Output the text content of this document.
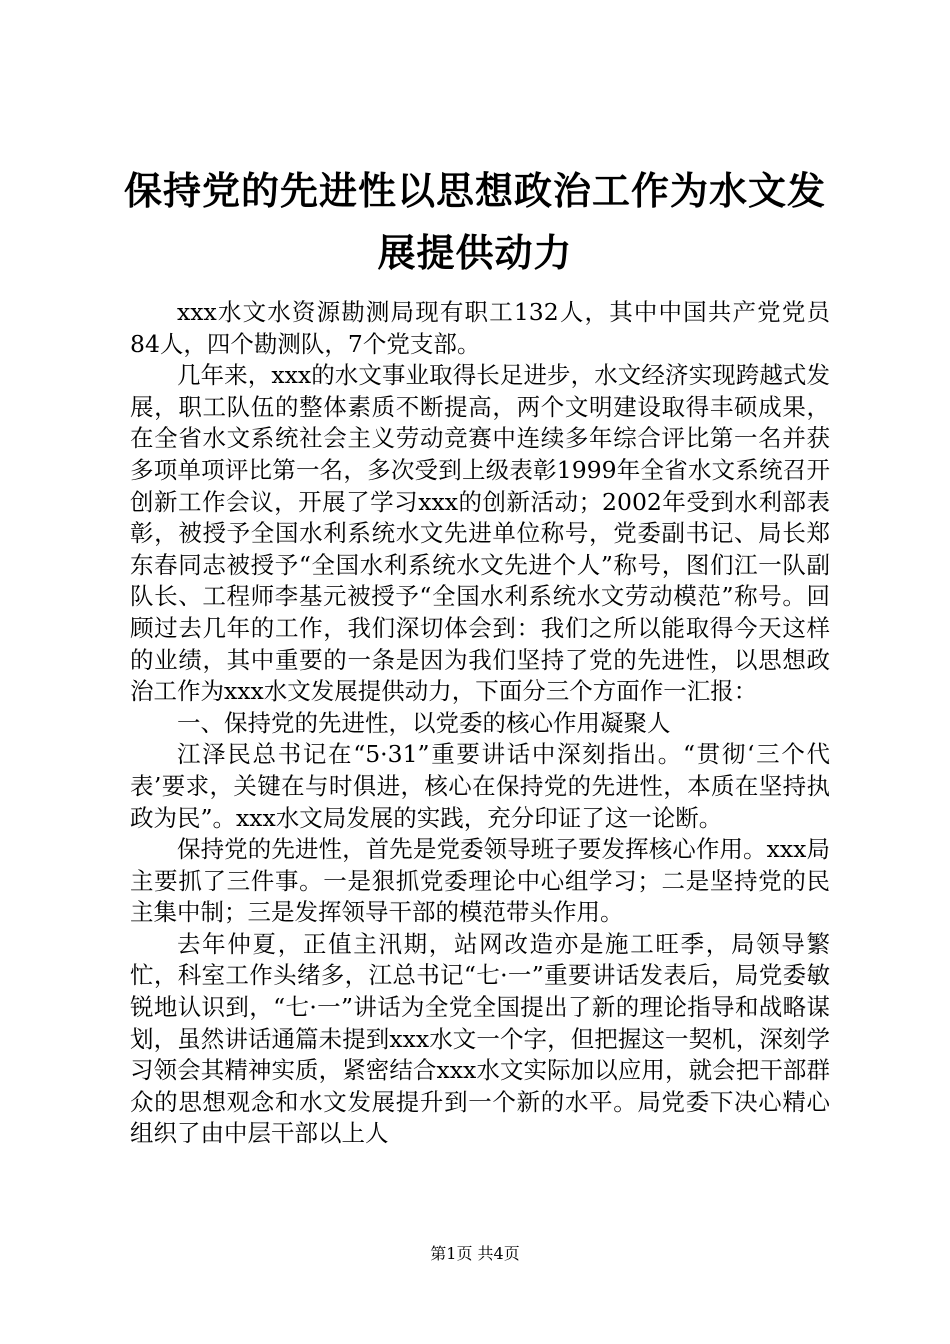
保持党的先进性以思想政治工作为水文发展提供动力

xxx水文水资源勘测局现有职工132人，其中中国共产党党员84人，四个勘测队，7个党支部。

几年来，xxx的水文事业取得长足进步，水文经济实现跨越式发展，职工队伍的整体素质不断提高，两个文明建设取得丰硕成果，在全省水文系统社会主义劳动竞赛中连续多年综合评比第一名并获多项单项评比第一名，多次受到上级表彰1999年全省水文系统召开创新工作会议，开展了学习xxx的创新活动；2002年受到水利部表彰，被授予全国水利系统水文先进单位称号，党委副书记、局长郑东春同志被授予“全国水利系统水文先进个人”称号，图们江一队副队长、工程师李基元被授予“全国水利系统水文劳动模范”称号。回顾过去几年的工作，我们深切体会到：我们之所以能取得今天这样的业绩，其中重要的一条是因为我们坚持了党的先进性，以思想政治工作为xxx水文发展提供动力，下面分三个方面作一汇报：

一、保持党的先进性，以党委的核心作用凝聚人

江泽民总书记在“5·31”重要讲话中深刻指出。“贯彻‘三个代表’要求，关键在与时俱进，核心在保持党的先进性，本质在坚持执政为民”。xxx水文局发展的实践，充分印证了这一论断。

保持党的先进性，首先是党委领导班子要发挥核心作用。xxx局主要抓了三件事。一是狠抓党委理论中心组学习；二是坚持党的民主集中制；三是发挥领导干部的模范带头作用。

去年仲夏，正值主汛期，站网改造亦是施工旺季，局领导繁忙，科室工作头绪多，江总书记“七·一”重要讲话发表后，局党委敏锐地认识到，“七·一”讲话为全党全国提出了新的理论指导和战略谋划，虽然讲话通篇未提到xxx水文一个字，但把握这一契机，深刻学习领会其精神实质，紧密结合xxx水文实际加以应用，就会把干部群众的思想观念和水文发展提升到一个新的水平。局党委下决心精心组织了由中层干部以上人

第1页 共4页
